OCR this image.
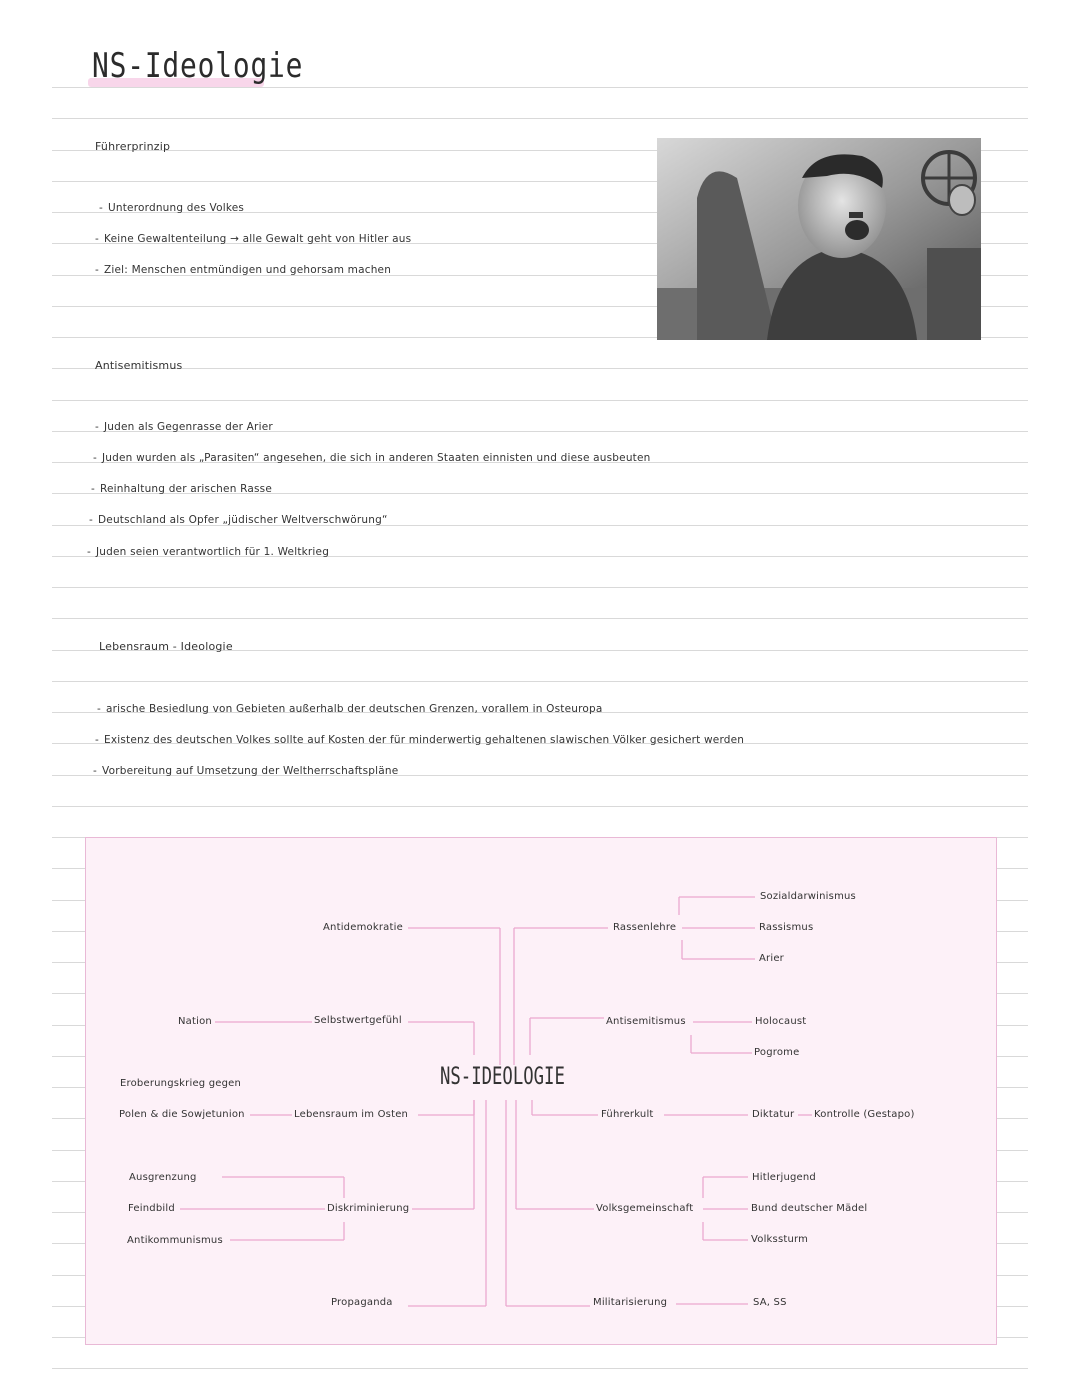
NS-Ideologie
Führerprinzip
- Unterordnung des Volkes
- Keine Gewaltenteilung → alle Gewalt geht von Hitler aus
- Ziel: Menschen entmündigen und gehorsam machen
Antisemitismus
- Juden als Gegenrasse der Arier
- Juden wurden als „Parasiten“ angesehen, die sich in anderen Staaten einnisten und diese ausbeuten
- Reinhaltung der arischen Rasse
- Deutschland als Opfer „jüdischer Weltverschwörung“
- Juden seien verantwortlich für 1. Weltkrieg
Lebensraum - Ideologie
- arische Besiedlung von Gebieten außerhalb der deutschen Grenzen, vorallem in Osteuropa
- Existenz des deutschen Volkes sollte auf Kosten der für minderwertig gehaltenen slawischen Völker gesichert werden
- Vorbereitung auf Umsetzung der Weltherrschaftspläne
NS-IDEOLOGIE
Antidemokratie	Rassenlehre
Sozialdarwinismus
Rassismus
Arier
Nation	Selbstwertgefühl	Antisemitismus	Holocaust
Pogrome
Eroberungskrieg gegen
Polen & die Sowjetunion	Lebensraum im Osten	Führerkult	Diktatur Kontrolle (Gestapo)
Ausgrenzung
Feindbild
Antikommunismus
Diskriminierung	Volksgemeinschaft
Hitlerjugend
Bund deutscher Mädel
Volkssturm
Propaganda	Militarisierung	SA, SS
